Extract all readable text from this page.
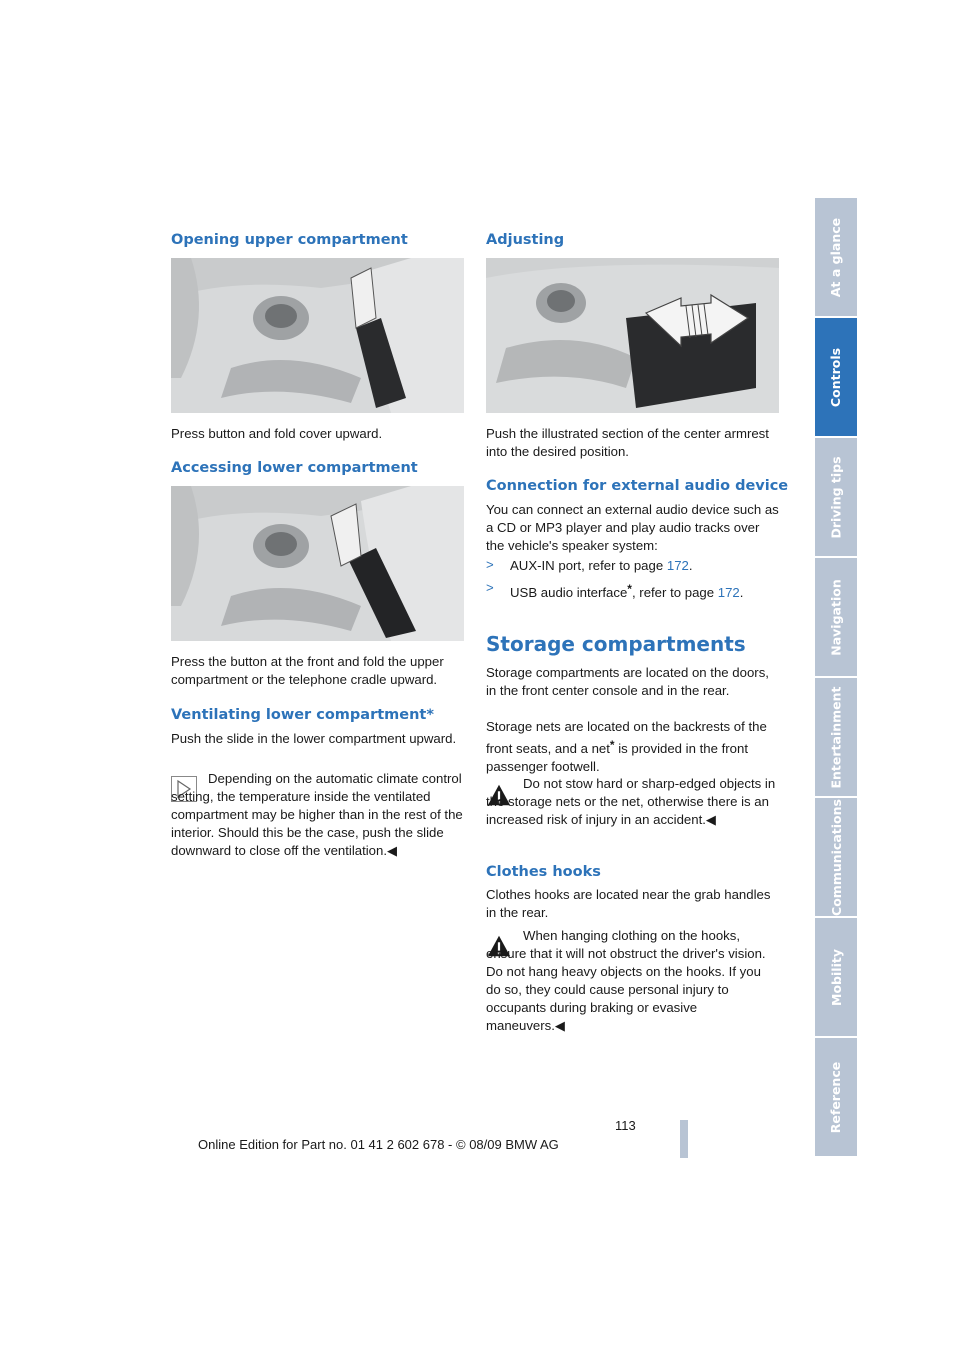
Opening upper compartment

Press button and fold cover upward.

Accessing lower compartment

Press the button at the front and fold the upper compartment or the telephone cradle upward.

Ventilating lower compartment*

Push the slide in the lower compartment upward.

Depending on the automatic climate control setting, the temperature inside the ventilated compartment may be higher than in the rest of the interior. Should this be the case, push the slide downward to close off the ventilation.◀

Adjusting

Push the illustrated section of the center armrest into the desired position.

Connection for external audio device

You can connect an external audio device such as a CD or MP3 player and play audio tracks over the vehicle's speaker system:

> AUX-IN port, refer to page 172.
> USB audio interface*, refer to page 172.
Storage compartments

Storage compartments are located on the doors, in the front center console and in the rear.

Storage nets are located on the backrests of the front seats, and a net* is provided in the front passenger footwell.

Do not stow hard or sharp-edged objects in the storage nets or the net, otherwise there is an increased risk of injury in an accident.◀

Clothes hooks

Clothes hooks are located near the grab handles in the rear.

When hanging clothing on the hooks, ensure that it will not obstruct the driver's vision. Do not hang heavy objects on the hooks. If you do so, they could cause personal injury to occupants during braking or evasive maneuvers.◀

At a glance
Controls
Driving tips
Navigation
Entertainment
Communications
Mobility
Reference
113
Online Edition for Part no. 01 41 2 602 678 - © 08/09 BMW AG
